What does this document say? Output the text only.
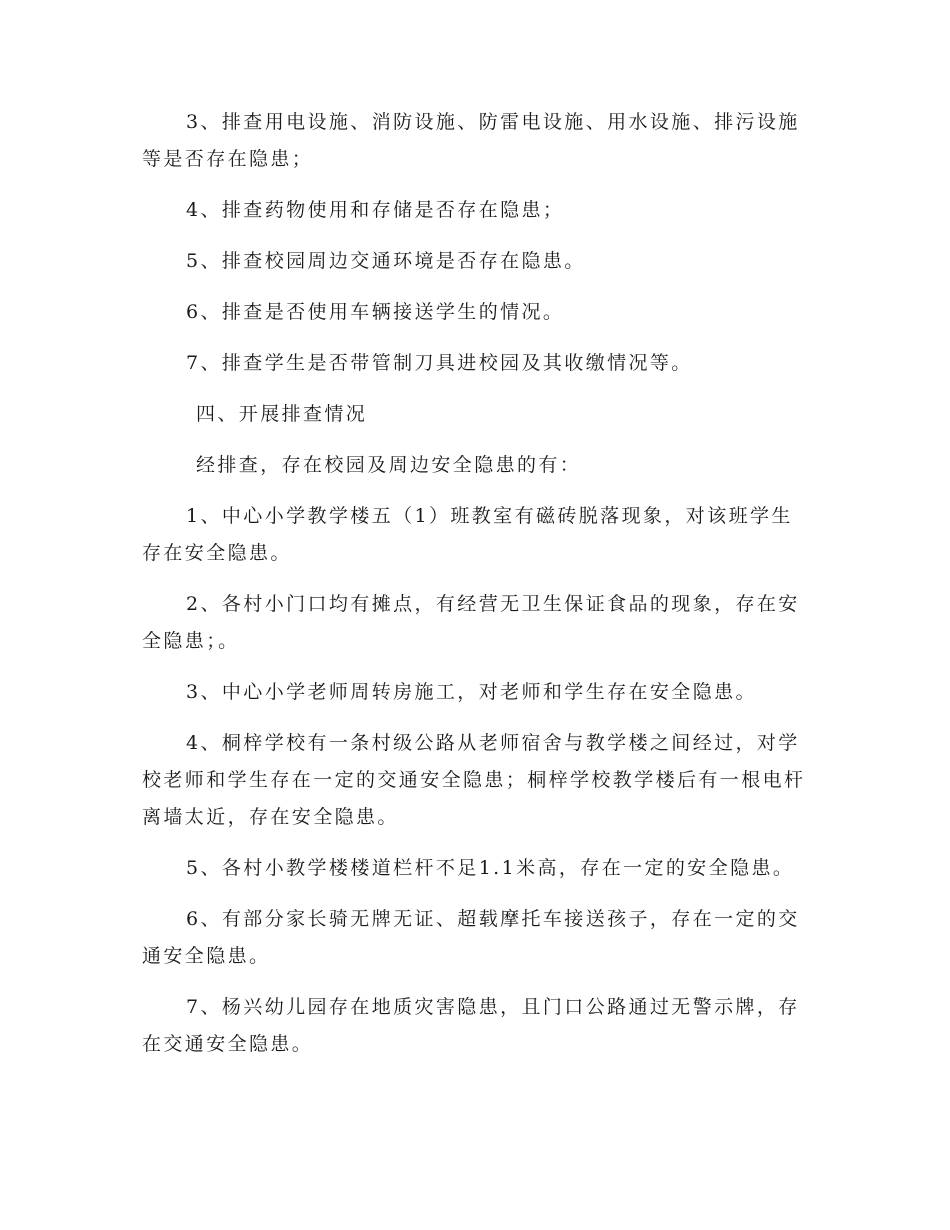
3、排查用电设施、消防设施、防雷电设施、用水设施、排污设施等是否存在隐患；

4、排查药物使用和存储是否存在隐患；

5、排查校园周边交通环境是否存在隐患。

6、排查是否使用车辆接送学生的情况。

7、排查学生是否带管制刀具进校园及其收缴情况等。

四、开展排查情况

经排查，存在校园及周边安全隐患的有：

1、中心小学教学楼五（1）班教室有磁砖脱落现象，对该班学生存在安全隐患。

2、各村小门口均有摊点，有经营无卫生保证食品的现象，存在安全隐患；。

3、中心小学老师周转房施工，对老师和学生存在安全隐患。

4、桐梓学校有一条村级公路从老师宿舍与教学楼之间经过，对学校老师和学生存在一定的交通安全隐患；桐梓学校教学楼后有一根电杆离墙太近，存在安全隐患。

5、各村小教学楼楼道栏杆不足1.1米高，存在一定的安全隐患。

6、有部分家长骑无牌无证、超载摩托车接送孩子，存在一定的交通安全隐患。

7、杨兴幼儿园存在地质灾害隐患，且门口公路通过无警示牌，存在交通安全隐患。
